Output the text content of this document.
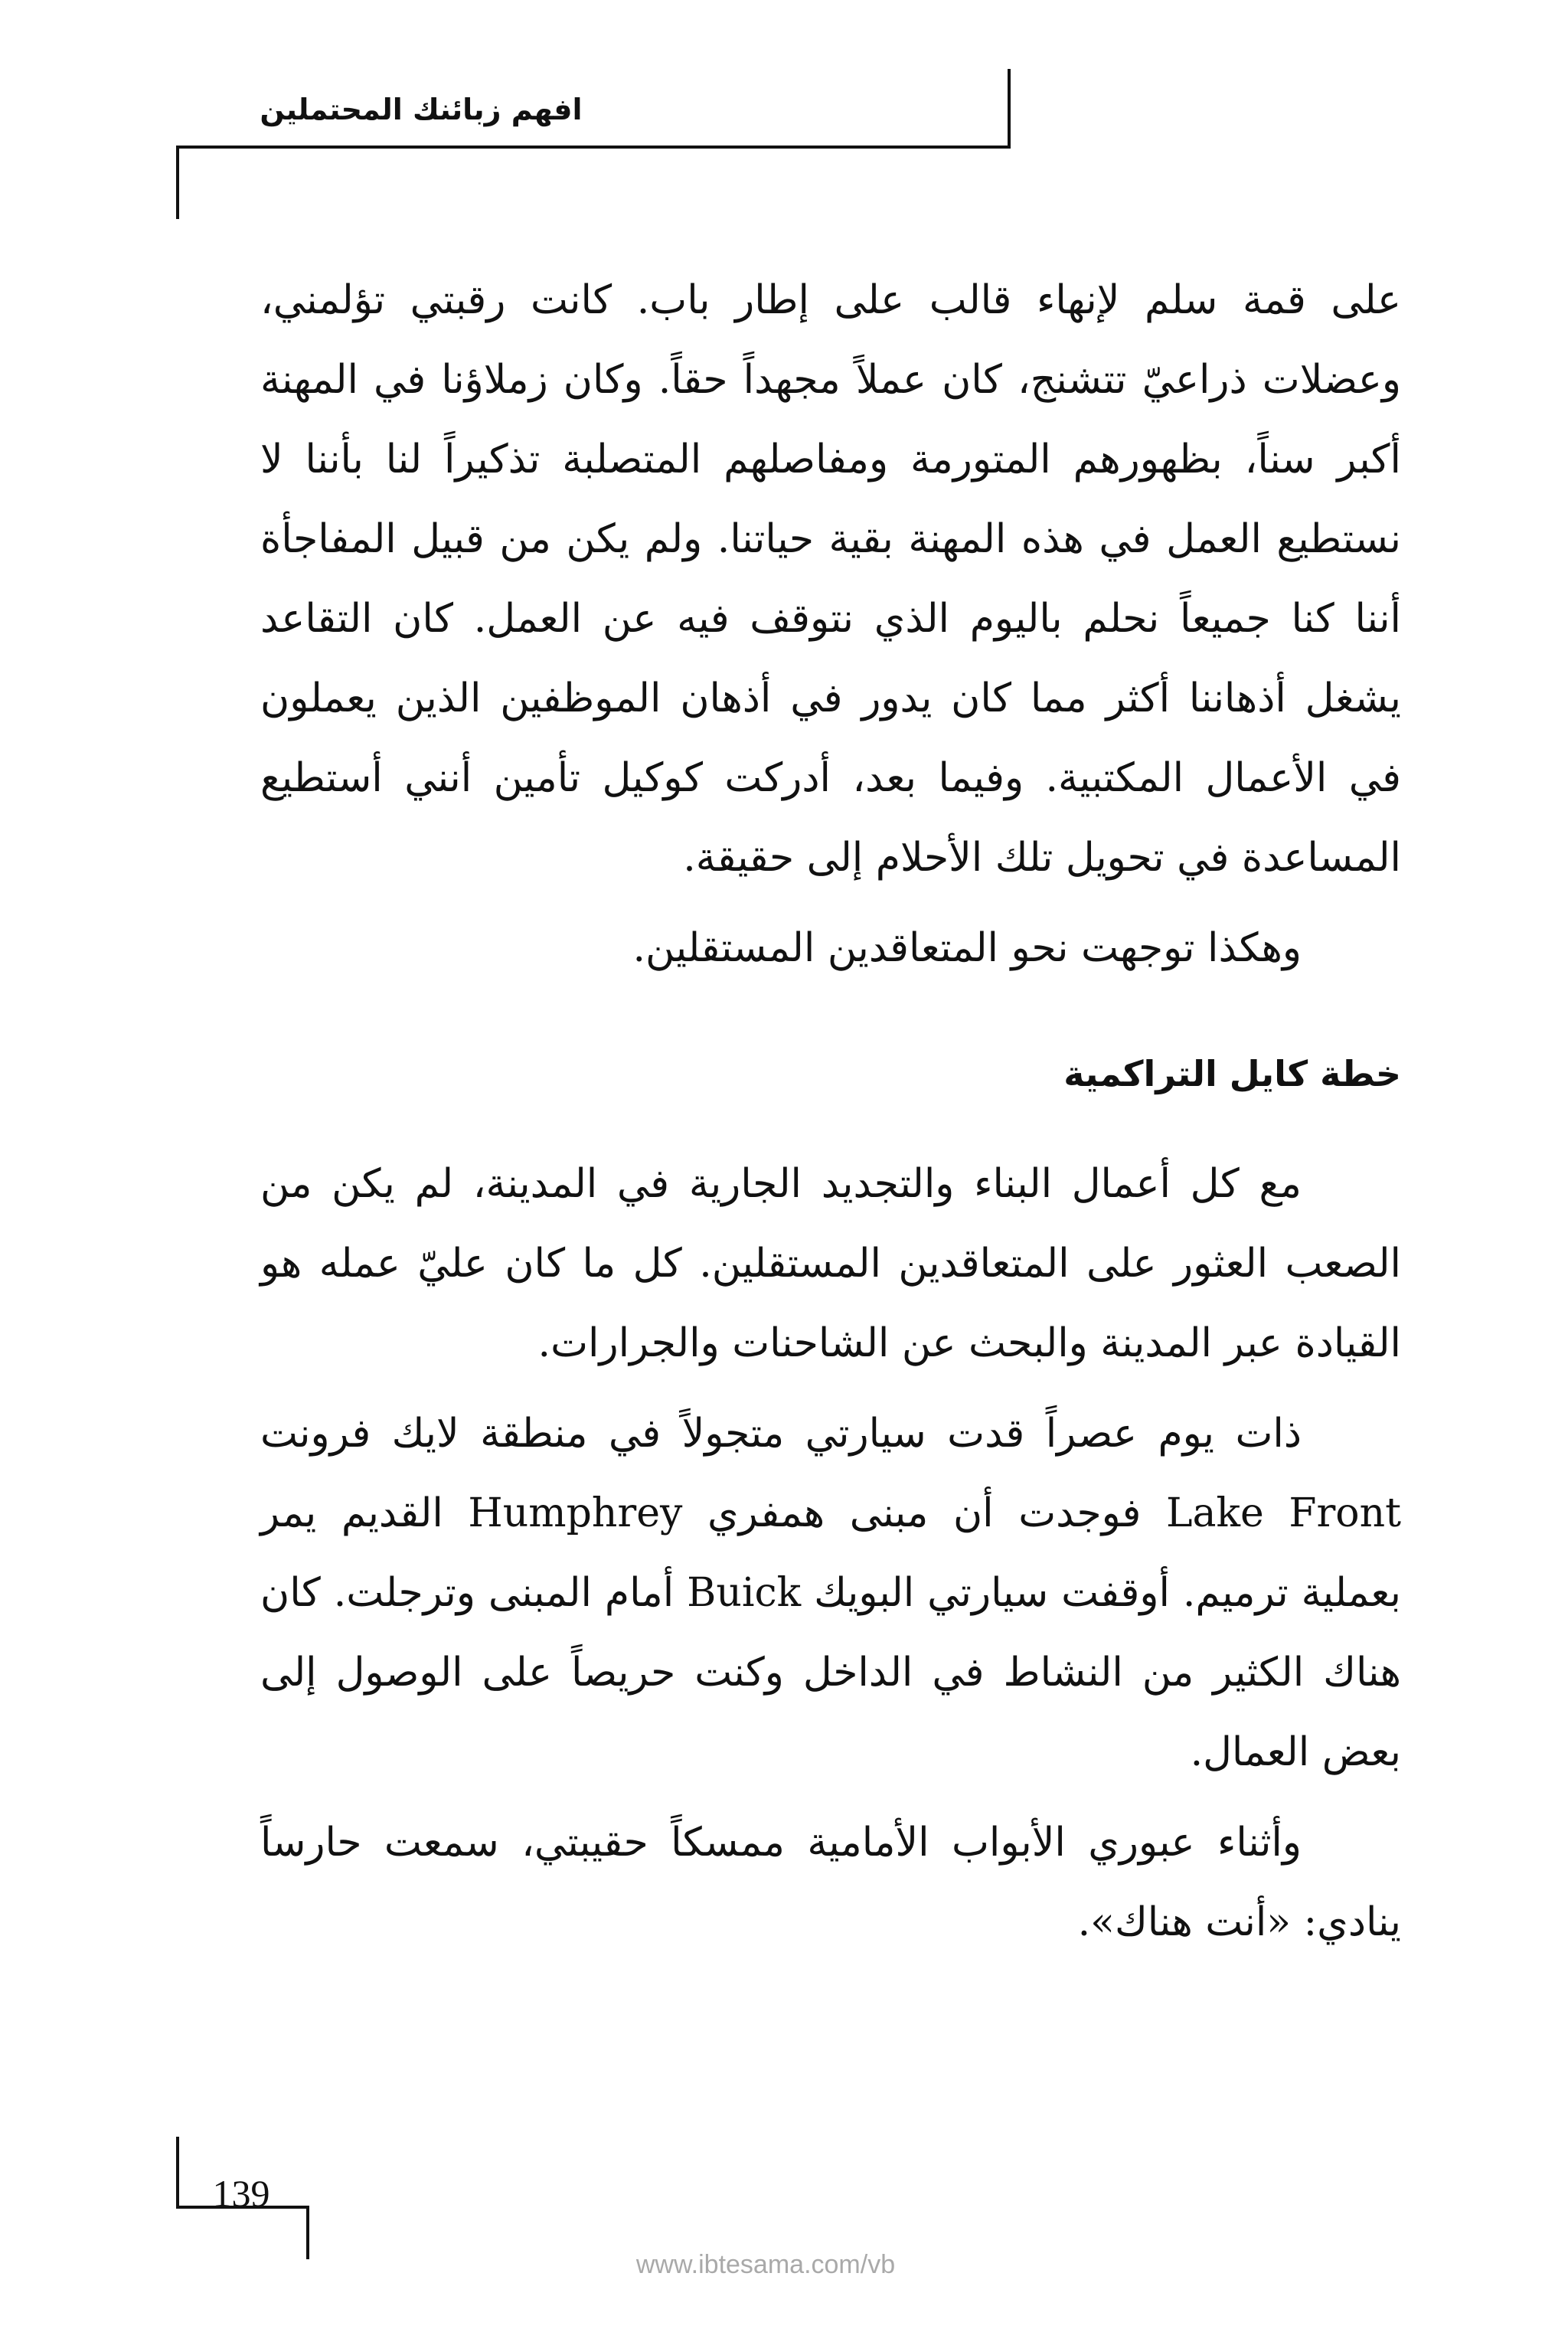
افهم زبائنك المحتملين

على قمة سلم لإنهاء قالب على إطار باب. كانت رقبتي تؤلمني، وعضلات ذراعيّ تتشنج، كان عملاً مجهداً حقاً. وكان زملاؤنا في المهنة أكبر سناً، بظهورهم المتورمة ومفاصلهم المتصلبة تذكيراً لنا بأننا لا نستطيع العمل في هذه المهنة بقية حياتنا. ولم يكن من قبيل المفاجأة أننا كنا جميعاً نحلم باليوم الذي نتوقف فيه عن العمل. كان التقاعد يشغل أذهاننا أكثر مما كان يدور في أذهان الموظفين الذين يعملون في الأعمال المكتبية. وفيما بعد، أدركت كوكيل تأمين أنني أستطيع المساعدة في تحويل تلك الأحلام إلى حقيقة.

وهكذا توجهت نحو المتعاقدين المستقلين.

خطة كايل التراكمية

مع كل أعمال البناء والتجديد الجارية في المدينة، لم يكن من الصعب العثور على المتعاقدين المستقلين. كل ما كان عليّ عمله هو القيادة عبر المدينة والبحث عن الشاحنات والجرارات.

ذات يوم عصراً قدت سيارتي متجولاً في منطقة لايك فرونت Lake Front فوجدت أن مبنى همفري Humphrey القديم يمر بعملية ترميم. أوقفت سيارتي البويك Buick أمام المبنى وترجلت. كان هناك الكثير من النشاط في الداخل وكنت حريصاً على الوصول إلى بعض العمال.

وأثناء عبوري الأبواب الأمامية ممسكاً حقيبتي، سمعت حارساً ينادي: «أنت هناك».

139
www.ibtesama.com/vb
